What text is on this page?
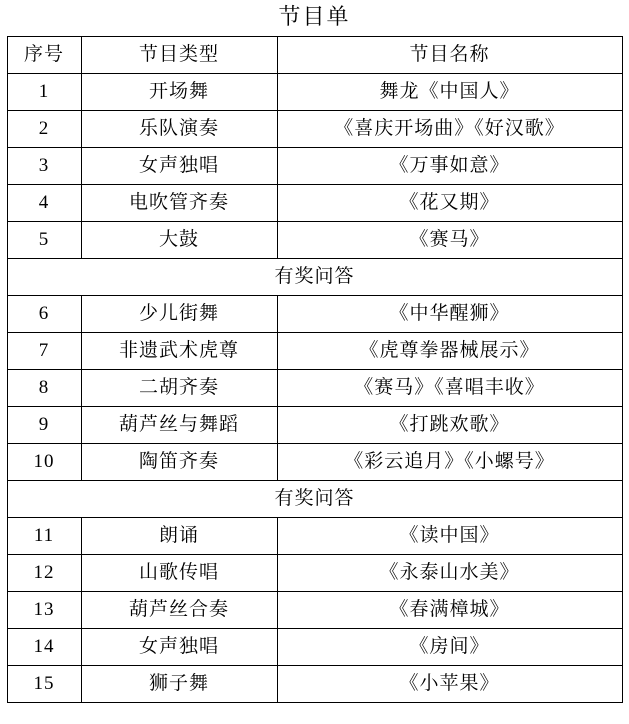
节目单
序号	节目类型	节目名称
1	开场舞	舞龙《中国人》
2	乐队演奏	《喜庆开场曲》《好汉歌》
3	女声独唱	《万事如意》
4	电吹管齐奏	《花又期》
5	大鼓	《赛马》
有奖问答		
6	少儿街舞	《中华醒狮》
7	非遗武术虎尊	《虎尊拳器械展示》
8	二胡齐奏	《赛马》《喜唱丰收》
9	葫芦丝与舞蹈	《打跳欢歌》
10	陶笛齐奏	《彩云追月》《小螺号》
有奖问答		
11	朗诵	《读中国》
12	山歌传唱	《永泰山水美》
13	葫芦丝合奏	《春满樟城》
14	女声独唱	《房间》
15	狮子舞	《小苹果》
